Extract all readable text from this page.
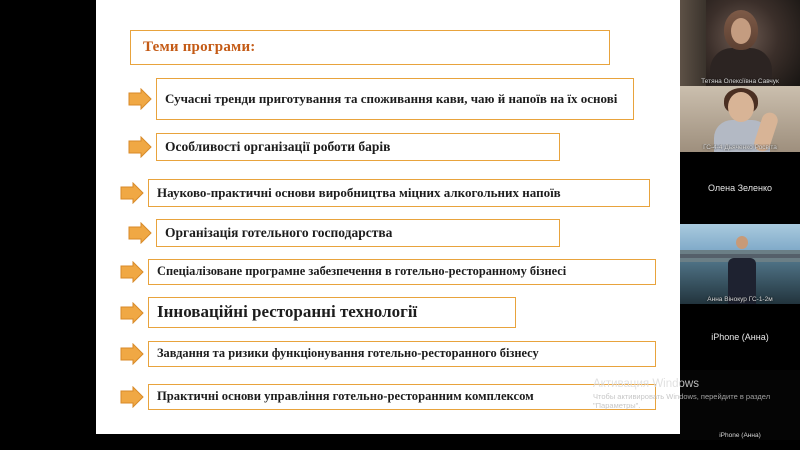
Теми програми:
Сучасні тренди приготування та споживання кави, чаю й напоїв на їх основі
Особливості організації роботи барів
Науково-практичні основи виробництва міцних алкогольних напоїв
Організація готельного господарства
Спеціалізоване програмне забезпечення в готельно-ресторанному бізнесі
Інноваційні ресторанні технології
Завдання та ризики функціонування готельно-ресторанного бізнесу
Практичні основи управління готельно-ресторанним комплексом
Тетяна Олексіївна Савчук
ГС-4-4 Дьяченко Росвіта
Олена Зеленко
Анна Вінокур ГС-1-2м
iPhone (Анна)
iPhone (Анна)
Активация Windows
Чтобы активировать Windows, перейдите в раздел "Параметры".
